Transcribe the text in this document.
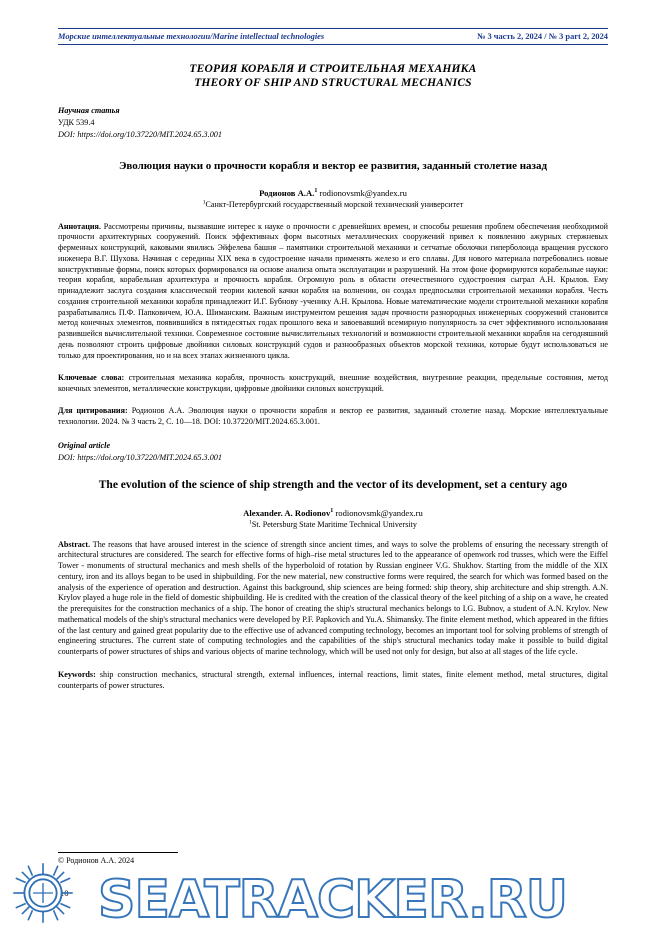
Морские интеллектуальные технологии/Marine intellectual technologies	№ 3 часть 2, 2024 / № 3 part 2, 2024
ТЕОРИЯ КОРАБЛЯ И СТРОИТЕЛЬНАЯ МЕХАНИКА
THEORY OF SHIP AND STRUCTURAL MECHANICS
Научная статья
УДК 539.4
DOI: https://doi.org/10.37220/MIT.2024.65.3.001
Эволюция науки о прочности корабля и вектор ее развития, заданный столетие назад
Родионов А.А.$^1$ rodionovsmk@yandex.ru
$^1$Санкт-Петербургский государственный морской технический университет
Аннотация. Рассмотрены причины, вызвавшие интерес к науке о прочности с древнейших времен, и способы решения проблем обеспечения необходимой прочности архитектурных сооружений. Поиск эффективных форм высотных металлических сооружений привел к появлению ажурных стержневых ферменных конструкций, каковыми явились Эйфелева башня – памятники строительной механики и сетчатые оболочки гиперболоида вращения русского инженера В.Г. Шухова. Начиная с середины XIX века в судостроение начали применять железо и его сплавы. Для нового материала потребовались новые конструктивные формы, поиск которых формировался на основе анализа опыта эксплуатации и разрушений. На этом фоне формируются корабельные науки: теория корабля, корабельная архитектура и прочность корабля. Огромную роль в области отечественного судостроения сыграл А.Н. Крылов. Ему принадлежит заслуга создания классической теории килевой качки корабля на волнении, он создал предпосылки строительной механики корабля. Честь создания строительной механики корабля принадлежит И.Г. Бубнову -ученику А.Н. Крылова. Новые математические модели строительной механики корабля разрабатывались П.Ф. Папковичем, Ю.А. Шиманским. Важным инструментом решения задач прочности разнородных инженерных сооружений становится метод конечных элементов, появившийся в пятидесятых годах прошлого века и завоевавший всемирную популярность за счет эффективного использования развившейся вычислительной техники. Современное состояние вычислительных технологий и возможности строительной механики корабля на сегодняшний день позволяют строить цифровые двойники силовых конструкций судов и разнообразных объектов морской техники, которые будут использоваться не только для проектирования, но и на всех этапах жизненного цикла.
Ключевые слова: строительная механика корабля, прочность конструкций, внешние воздействия, внутренние реакции, предельные состояния, метод конечных элементов, металлические конструкции, цифровые двойники силовых конструкций.
Для цитирования: Родионов А.А. Эволюция науки о прочности корабля и вектор ее развития, заданный столетие назад. Морские интеллектуальные технологии. 2024. № 3 часть 2, С. 10—18. DOI: 10.37220/MIT.2024.65.3.001.
Original article
DOI: https://doi.org/10.37220/MIT.2024.65.3.001
The evolution of the science of ship strength and the vector of its development, set a century ago
Alexander. A. Rodionov$^1$ rodionovsmk@yandex.ru
$^1$St. Petersburg State Maritime Technical University
Abstract. The reasons that have aroused interest in the science of strength since ancient times, and ways to solve the problems of ensuring the necessary strength of architectural structures are considered. The search for effective forms of high–rise metal structures led to the appearance of openwork rod trusses, which were the Eiffel Tower - monuments of structural mechanics and mesh shells of the hyperboloid of rotation by Russian engineer V.G. Shukhov. Starting from the middle of the XIX century, iron and its alloys began to be used in shipbuilding. For the new material, new constructive forms were required, the search for which was formed based on the analysis of the experience of operation and destruction. Against this background, ship sciences are being formed: ship theory, ship architecture and ship strength. A.N. Krylov played a huge role in the field of domestic shipbuilding. He is credited with the creation of the classical theory of the keel pitching of a ship on a wave, he created the prerequisites for the construction mechanics of a ship. The honor of creating the ship's structural mechanics belongs to I.G. Bubnov, a student of A.N. Krylov. New mathematical models of the ship's structural mechanics were developed by P.F. Papkovich and Yu.A. Shimansky. The finite element method, which appeared in the fifties of the last century and gained great popularity due to the effective use of advanced computing technology, becomes an important tool for solving problems of strength of engineering structures. The current state of computing technologies and the capabilities of the ship's structural mechanics today make it possible to build digital counterparts of power structures of ships and various objects of marine technology, which will be used not only for design, but also at all stages of the life cycle.
Keywords: ship construction mechanics, structural strength, external influences, internal reactions, limit states, finite element method, metal structures, digital counterparts of power structures.
© Родионов А.А. 2024
10 SEATRACKER.RU
